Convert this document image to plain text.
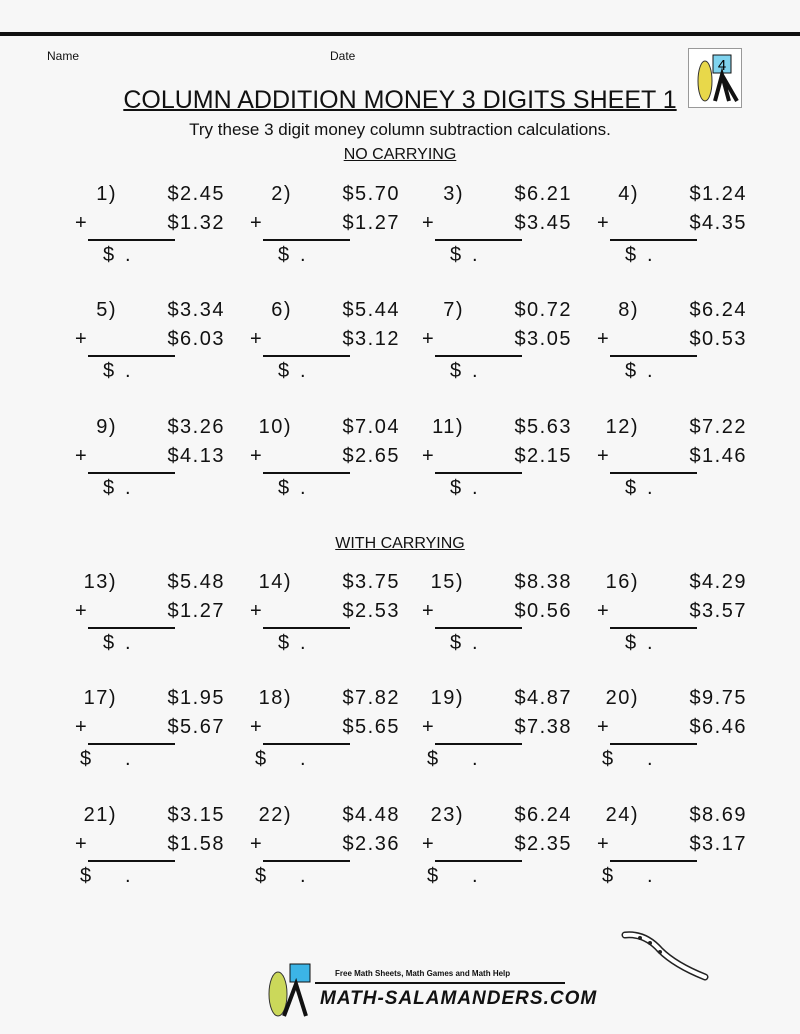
Name	Date
4
COLUMN ADDITION MONEY 3 DIGITS SHEET 1
Try these 3 digit money column subtraction calculations.
NO CARRYING
WITH CARRYING
1)	$2.45
+	$1.32
$ .
2)	$5.70
+	$1.27
$ .
3)	$6.21
+	$3.45
$ .
4)	$1.24
+	$4.35
$ .
5)	$3.34
+	$6.03
$ .
6)	$5.44
+	$3.12
$ .
7)	$0.72
+	$3.05
$ .
8)	$6.24
+	$0.53
$ .
9)	$3.26
+	$4.13
$ .
10)	$7.04
+	$2.65
$ .
11)	$5.63
+	$2.15
$ .
12)	$7.22
+	$1.46
$ .
13)	$5.48
+	$1.27
$ .
14)	$3.75
+	$2.53
$ .
15)	$8.38
+	$0.56
$ .
16)	$4.29
+	$3.57
$ .
17)	$1.95
+	$5.67
$ .
18)	$7.82
+	$5.65
$ .
19)	$4.87
+	$7.38
$ .
20)	$9.75
+	$6.46
$ .
21)	$3.15
+	$1.58
$ .
22)	$4.48
+	$2.36
$ .
23)	$6.24
+	$2.35
$ .
24)	$8.69
+	$3.17
$ .
Free Math Sheets, Math Games and Math Help
MATH-SALAMANDERS.COM
